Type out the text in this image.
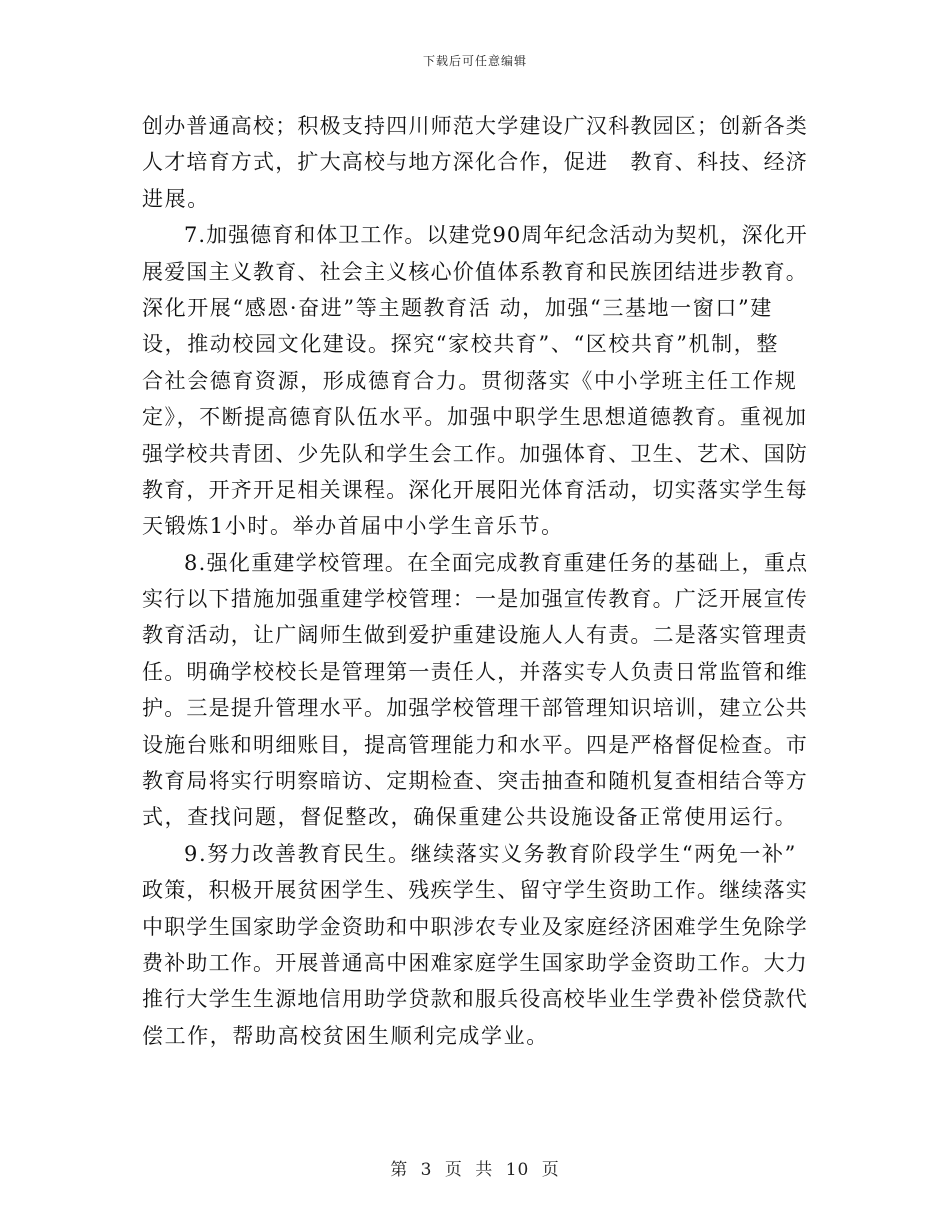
下载后可任意编辑
创办普通高校；积极支持四川师范大学建设广汉科教园区；创新各类
人才培育方式，扩大高校与地方深化合作，促进　教育、科技、经济
进展。
7.加强德育和体卫工作。以建党90周年纪念活动为契机，深化开
展爱国主义教育、社会主义核心价值体系教育和民族团结进步教育。
深化开展“感恩·奋进”等主题教育活 动，加强“三基地一窗口”建
设，推动校园文化建设。探究“家校共育”、“区校共育”机制，整
合社会德育资源，形成德育合力。贯彻落实《中小学班主任工作规
定》，不断提高德育队伍水平。加强中职学生思想道德教育。重视加
强学校共青团、少先队和学生会工作。加强体育、卫生、艺术、国防
教育，开齐开足相关课程。深化开展阳光体育活动，切实落实学生每
天锻炼1小时。举办首届中小学生音乐节。
8.强化重建学校管理。在全面完成教育重建任务的基础上，重点
实行以下措施加强重建学校管理：一是加强宣传教育。广泛开展宣传
教育活动，让广阔师生做到爱护重建设施人人有责。二是落实管理责
任。明确学校校长是管理第一责任人，并落实专人负责日常监管和维
护。三是提升管理水平。加强学校管理干部管理知识培训，建立公共
设施台账和明细账目，提高管理能力和水平。四是严格督促检查。市
教育局将实行明察暗访、定期检查、突击抽查和随机复查相结合等方
式，查找问题，督促整改，确保重建公共设施设备正常使用运行。
9.努力改善教育民生。继续落实义务教育阶段学生“两免一补”
政策，积极开展贫困学生、残疾学生、留守学生资助工作。继续落实
中职学生国家助学金资助和中职涉农专业及家庭经济困难学生免除学
费补助工作。开展普通高中困难家庭学生国家助学金资助工作。大力
推行大学生生源地信用助学贷款和服兵役高校毕业生学费补偿贷款代
偿工作，帮助高校贫困生顺利完成学业。
第 3 页 共 10 页
